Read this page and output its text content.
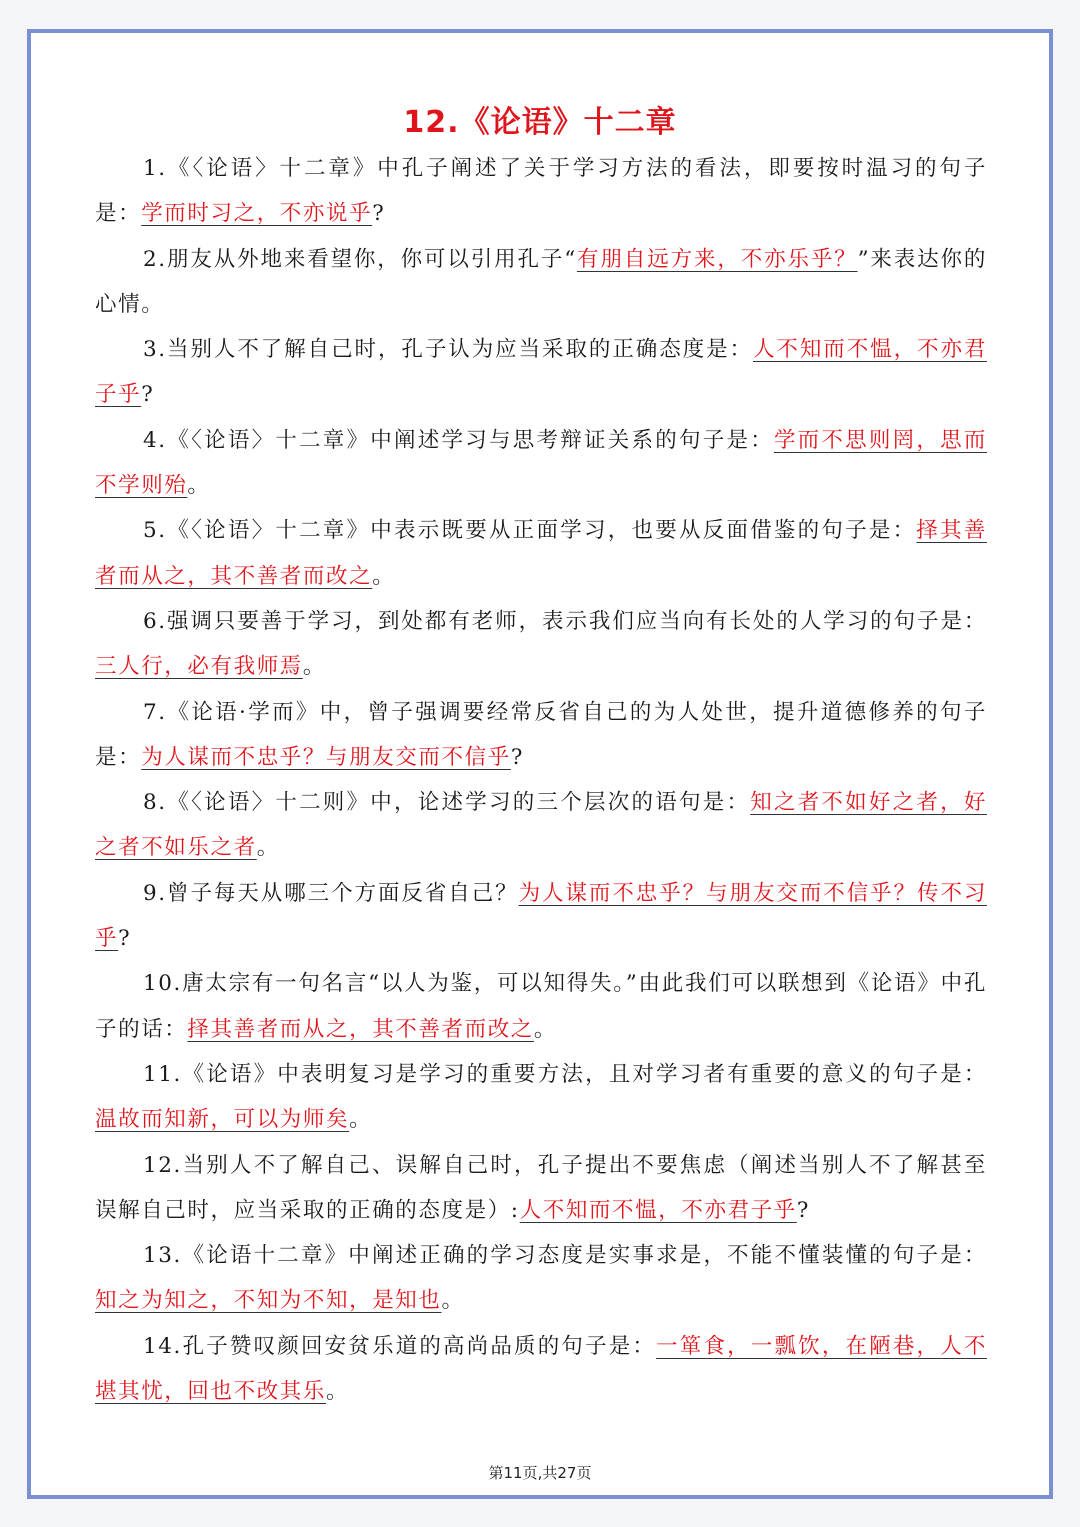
12.《论语》十二章

1.《〈论语〉十二章》中孔子阐述了关于学习方法的看法，即要按时温习的句子是：学而时习之，不亦说乎?

2.朋友从外地来看望你，你可以引用孔子“有朋自远方来，不亦乐乎？”来表达你的心情。

3.当别人不了解自己时，孔子认为应当采取的正确态度是：人不知而不愠，不亦君子乎?

4.《〈论语〉十二章》中阐述学习与思考辩证关系的句子是：学而不思则罔，思而不学则殆。

5.《〈论语〉十二章》中表示既要从正面学习，也要从反面借鉴的句子是：择其善者而从之，其不善者而改之。

6.强调只要善于学习，到处都有老师，表示我们应当向有长处的人学习的句子是：三人行，必有我师焉。

7.《论语·学而》中，曾子强调要经常反省自己的为人处世，提升道德修养的句子是：为人谋而不忠乎？与朋友交而不信乎?

8.《〈论语〉十二则》中，论述学习的三个层次的语句是：知之者不如好之者，好之者不如乐之者。

9.曾子每天从哪三个方面反省自己？为人谋而不忠乎？与朋友交而不信乎？传不习乎?

10.唐太宗有一句名言“以人为鉴，可以知得失。”由此我们可以联想到《论语》中孔子的话：择其善者而从之，其不善者而改之。

11.《论语》中表明复习是学习的重要方法，且对学习者有重要的意义的句子是：温故而知新，可以为师矣。

12.当别人不了解自己、误解自己时，孔子提出不要焦虑（阐述当别人不了解甚至误解自己时，应当采取的正确的态度是）:人不知而不愠，不亦君子乎?

13.《论语十二章》中阐述正确的学习态度是实事求是，不能不懂装懂的句子是：知之为知之，不知为不知，是知也。

14.孔子赞叹颜回安贫乐道的高尚品质的句子是：一箪食，一瓢饮，在陋巷，人不堪其忧，回也不改其乐。

第11页,共27页
